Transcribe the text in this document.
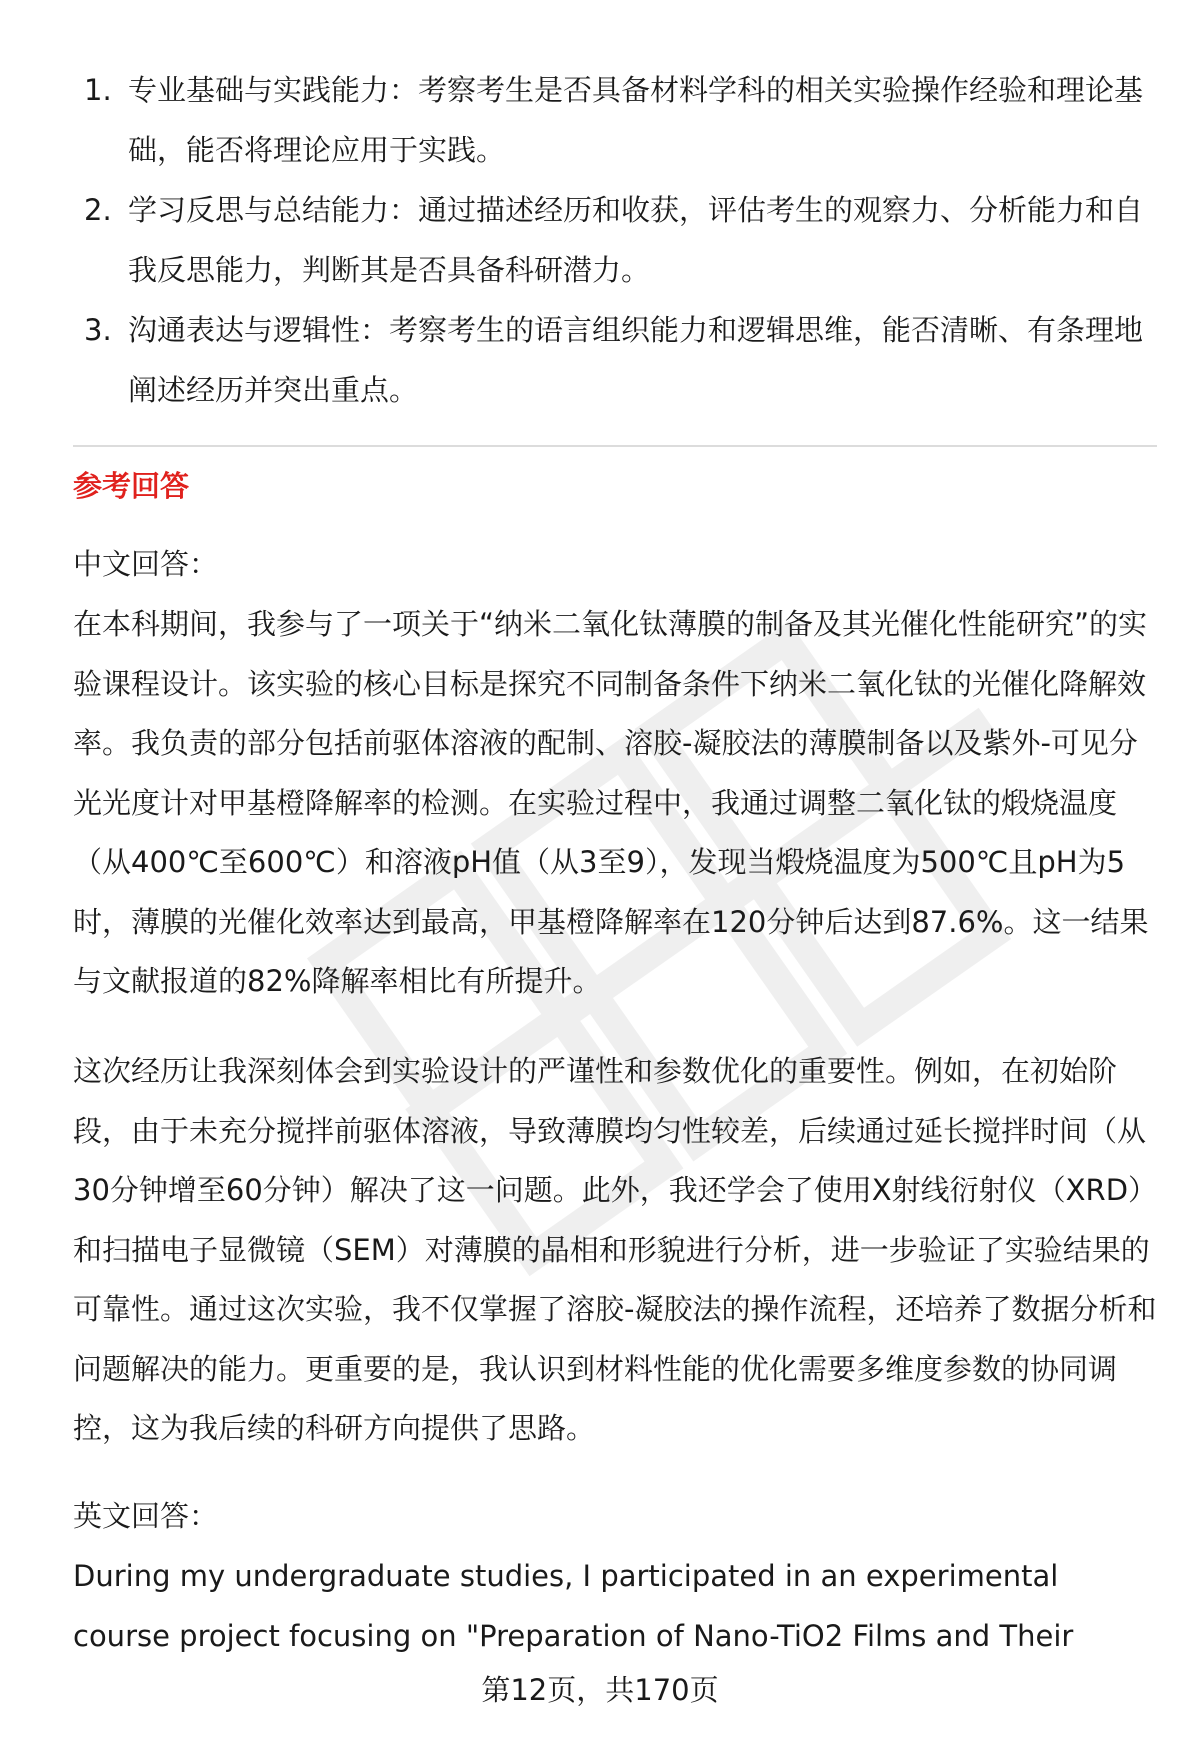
1. 专业基础与实践能力：考察考生是否具备材料学科的相关实验操作经验和理论基础，能否将理论应用于实践。
2. 学习反思与总结能力：通过描述经历和收获，评估考生的观察力、分析能力和自我反思能力，判断其是否具备科研潜力。
3. 沟通表达与逻辑性：考察考生的语言组织能力和逻辑思维，能否清晰、有条理地阐述经历并突出重点。
参考回答

中文回答：

在本科期间，我参与了一项关于“纳米二氧化钛薄膜的制备及其光催化性能研究”的实验课程设计。该实验的核心目标是探究不同制备条件下纳米二氧化钛的光催化降解效率。我负责的部分包括前驱体溶液的配制、溶胶-凝胶法的薄膜制备以及紫外-可见分光光度计对甲基橙降解率的检测。在实验过程中，我通过调整二氧化钛的煅烧温度（从400℃至600℃）和溶液pH值（从3至9），发现当煅烧温度为500℃且pH为5时，薄膜的光催化效率达到最高，甲基橙降解率在120分钟后达到87.6%。这一结果与文献报道的82%降解率相比有所提升。

这次经历让我深刻体会到实验设计的严谨性和参数优化的重要性。例如，在初始阶段，由于未充分搅拌前驱体溶液，导致薄膜均匀性较差，后续通过延长搅拌时间（从30分钟增至60分钟）解决了这一问题。此外，我还学会了使用X射线衍射仪（XRD）和扫描电子显微镜（SEM）对薄膜的晶相和形貌进行分析，进一步验证了实验结果的可靠性。通过这次实验，我不仅掌握了溶胶-凝胶法的操作流程，还培养了数据分析和问题解决的能力。更重要的是，我认识到材料性能的优化需要多维度参数的协同调控，这为我后续的科研方向提供了思路。

英文回答：

During my undergraduate studies, I participated in an experimental course project focusing on "Preparation of Nano-TiO2 Films and Their

第12页，共170页
